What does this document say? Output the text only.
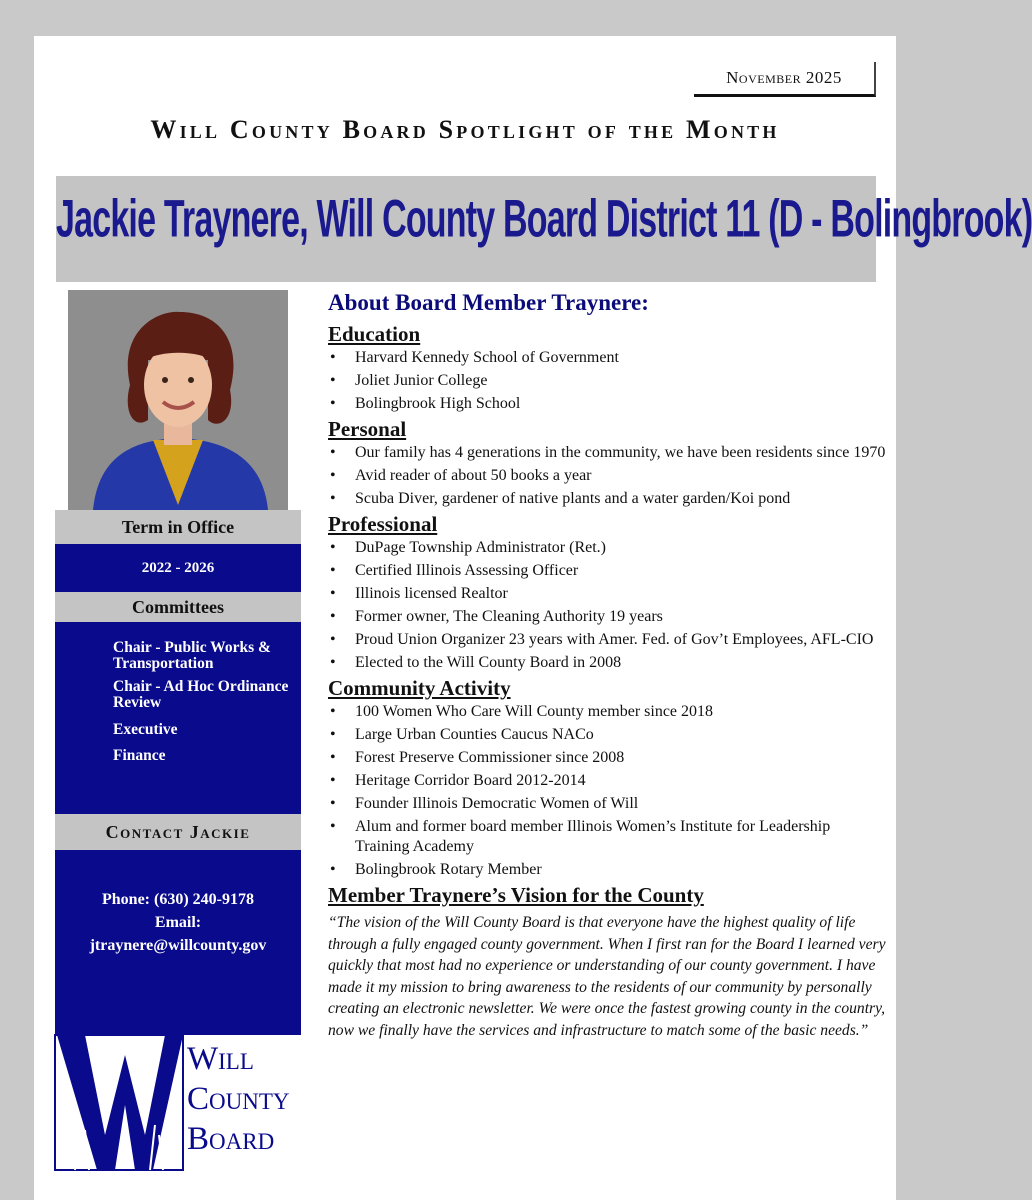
November 2025
Will County Board Spotlight of the Month
Jackie Traynere, Will County Board District 11 (D - Bolingbrook)
Term in Office
2022 - 2026
Committees
Chair - Public Works & Transportation
Chair - Ad Hoc Ordinance Review
Executive
Finance
Contact Jackie
Phone: (630) 240-9178
Email:
jtraynere@willcounty.gov
Will
County
Board
About Board Member Traynere:
Education
• Harvard Kennedy School of Government
• Joliet Junior College
• Bolingbrook High School
Personal
• Our family has 4 generations in the community, we have been residents since 1970
• Avid reader of about 50 books a year
• Scuba Diver, gardener of native plants and a water garden/Koi pond
Professional
• DuPage Township Administrator (Ret.)
• Certified Illinois Assessing Officer
• Illinois licensed Realtor
• Former owner, The Cleaning Authority 19 years
• Proud Union Organizer 23 years with Amer. Fed. of Gov’t Employees, AFL-CIO
• Elected to the Will County Board in 2008
Community Activity
• 100 Women Who Care Will County member since 2018
• Large Urban Counties Caucus NACo
• Forest Preserve Commissioner since 2008
• Heritage Corridor Board 2012-2014
• Founder Illinois Democratic Women of Will
• Alum and former board member Illinois Women’s Institute for Leadership Training Academy
• Bolingbrook Rotary Member
Member Traynere’s Vision for the County

“The vision of the Will County Board is that everyone have the highest quality of life through a fully engaged county government. When I first ran for the Board I learned very quickly that most had no experience or understanding of our county government. I have made it my mission to bring awareness to the residents of our community by personally creating an electronic newsletter. We were once the fastest growing county in the country, now we finally have the services and infrastructure to match some of the basic needs.”
